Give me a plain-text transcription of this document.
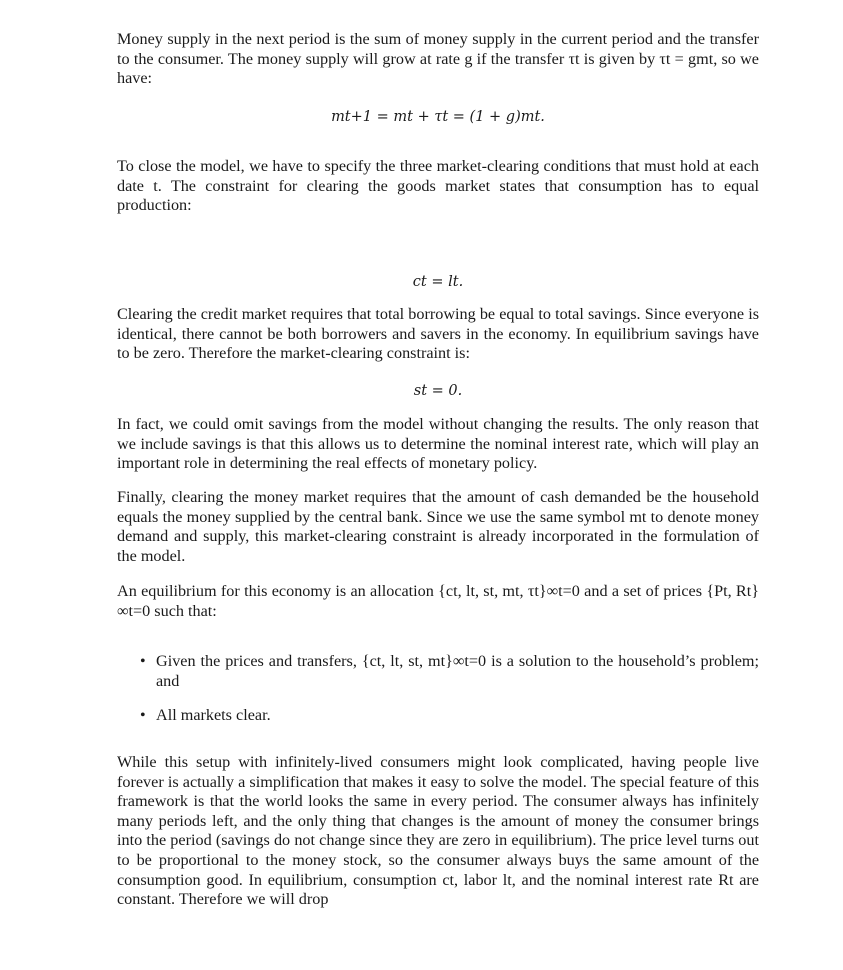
Money supply in the next period is the sum of money supply in the current period and the transfer to the consumer. The money supply will grow at rate g if the transfer τt is given by τt = gmt, so we have:

mt+1 = mt + τt = (1 + g)mt.

To close the model, we have to specify the three market-clearing conditions that must hold at each date t. The constraint for clearing the goods market states that consumption has to equal production:

ct = lt.

Clearing the credit market requires that total borrowing be equal to total savings. Since everyone is identical, there cannot be both borrowers and savers in the economy. In equilibrium savings have to be zero. Therefore the market-clearing constraint is:

st = 0.

In fact, we could omit savings from the model without changing the results. The only reason that we include savings is that this allows us to determine the nominal interest rate, which will play an important role in determining the real effects of monetary policy.

Finally, clearing the money market requires that the amount of cash demanded be the household equals the money supplied by the central bank. Since we use the same symbol mt to denote money demand and supply, this market-clearing constraint is already incorporated in the formulation of the model.

An equilibrium for this economy is an allocation {ct, lt, st, mt, τt}∞t=0 and a set of prices {Pt, Rt}∞t=0 such that:

• Given the prices and transfers, {ct, lt, st, mt}∞t=0 is a solution to the household’s problem; and
• All markets clear.

While this setup with infinitely-lived consumers might look complicated, having people live forever is actually a simplification that makes it easy to solve the model. The special feature of this framework is that the world looks the same in every period. The consumer always has infinitely many periods left, and the only thing that changes is the amount of money the consumer brings into the period (savings do not change since they are zero in equilibrium). The price level turns out to be proportional to the money stock, so the consumer always buys the same amount of the consumption good. In equilibrium, consumption ct, labor lt, and the nominal interest rate Rt are constant. Therefore we will drop
